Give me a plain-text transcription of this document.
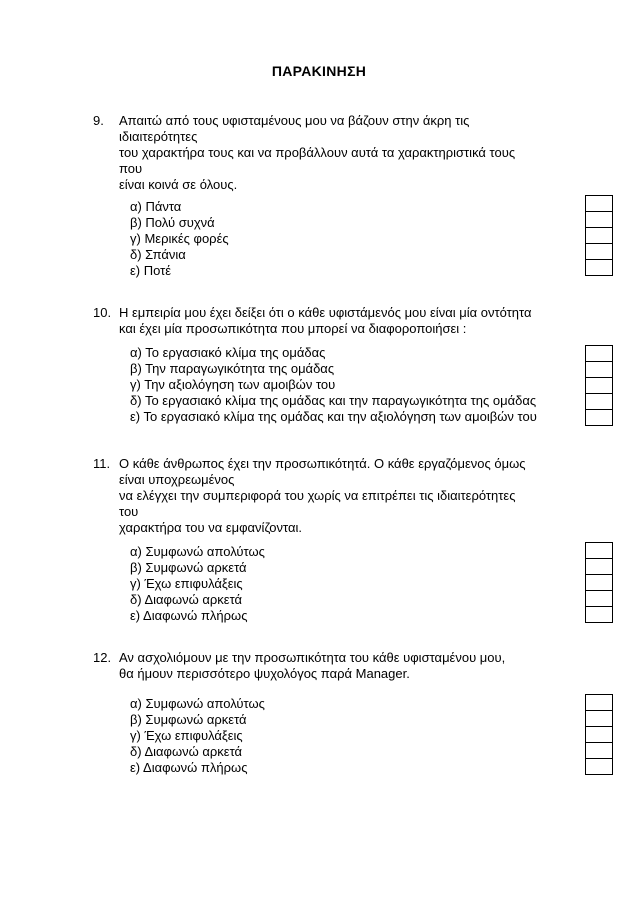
ΠΑΡΑΚΙΝΗΣΗ
9. Απαιτώ από τους υφισταμένους μου να βάζουν στην άκρη τις
ιδιαιτερότητες
του χαρακτήρα τους και να προβάλλουν αυτά τα χαρακτηριστικά τους
που
είναι κοινά σε όλους.
α) Πάντα
β) Πολύ συχνά
γ) Μερικές φορές
δ) Σπάνια
ε) Ποτέ
10. Η εμπειρία μου έχει δείξει ότι ο κάθε υφιστάμενός μου είναι μία οντότητα
και έχει μία προσωπικότητα που μπορεί να διαφοροποιήσει :
α) Το εργασιακό κλίμα της ομάδας
β) Την παραγωγικότητα της ομάδας
γ) Την αξιολόγηση των αμοιβών του
δ) Το εργασιακό κλίμα της ομάδας και την παραγωγικότητα της ομάδας
ε) Το εργασιακό κλίμα της ομάδας και την αξιολόγηση των αμοιβών του
11. Ο κάθε άνθρωπος έχει την προσωπικότητά. Ο κάθε εργαζόμενος όμως
είναι υποχρεωμένος
να ελέγχει την συμπεριφορά του χωρίς να επιτρέπει τις ιδιαιτερότητες
του
χαρακτήρα του να εμφανίζονται.
α) Συμφωνώ απολύτως
β) Συμφωνώ αρκετά
γ) Έχω επιφυλάξεις
δ) Διαφωνώ αρκετά
ε) Διαφωνώ πλήρως
12. Αν ασχολιόμουν με την προσωπικότητα του κάθε υφισταμένου μου,
θα ήμουν περισσότερο ψυχολόγος παρά Manager.
α) Συμφωνώ απολύτως
β) Συμφωνώ αρκετά
γ) Έχω επιφυλάξεις
δ) Διαφωνώ αρκετά
ε) Διαφωνώ πλήρως
